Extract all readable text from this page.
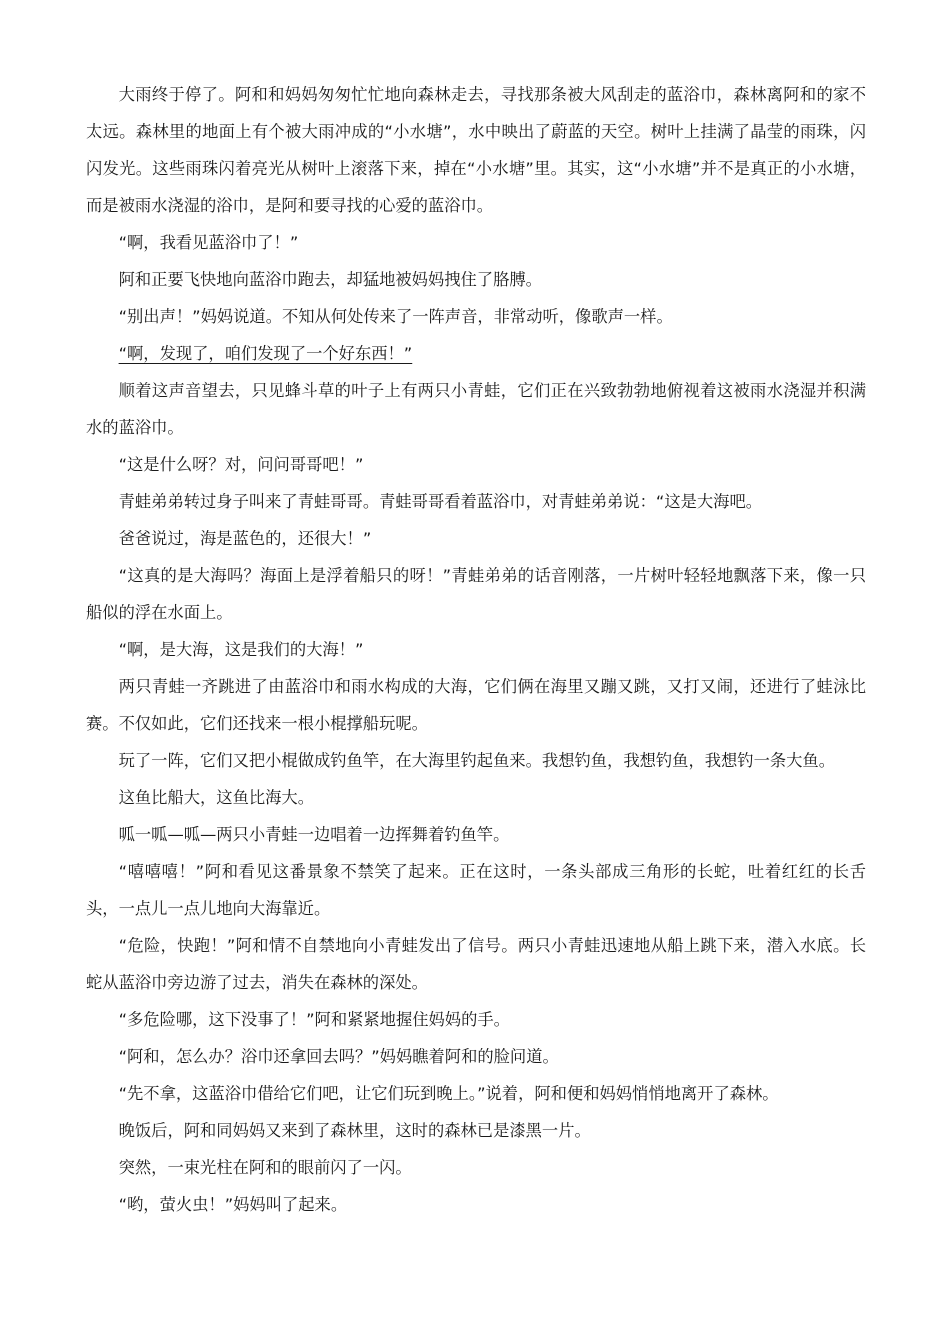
大雨终于停了。阿和和妈妈匆匆忙忙地向森林走去，寻找那条被大风刮走的蓝浴巾，森林离阿和的家不太远。森林里的地面上有个被大雨冲成的“小水塘”，水中映出了蔚蓝的天空。树叶上挂满了晶莹的雨珠，闪闪发光。这些雨珠闪着亮光从树叶上滚落下来，掉在“小水塘”里。其实，这“小水塘”并不是真正的小水塘，而是被雨水浇湿的浴巾，是阿和要寻找的心爱的蓝浴巾。

“啊，我看见蓝浴巾了！”

阿和正要飞快地向蓝浴巾跑去，却猛地被妈妈拽住了胳膊。

“别出声！”妈妈说道。不知从何处传来了一阵声音，非常动听，像歌声一样。

“啊，发现了，咱们发现了一个好东西！”

顺着这声音望去，只见蜂斗草的叶子上有两只小青蛙，它们正在兴致勃勃地俯视着这被雨水浇湿并积满水的蓝浴巾。

“这是什么呀？对，问问哥哥吧！”

青蛙弟弟转过身子叫来了青蛙哥哥。青蛙哥哥看着蓝浴巾，对青蛙弟弟说：“这是大海吧。

爸爸说过，海是蓝色的，还很大！”

“这真的是大海吗？海面上是浮着船只的呀！”青蛙弟弟的话音刚落，一片树叶轻轻地飘落下来，像一只船似的浮在水面上。

“啊，是大海，这是我们的大海！”

两只青蛙一齐跳进了由蓝浴巾和雨水构成的大海，它们俩在海里又蹦又跳，又打又闹，还进行了蛙泳比赛。不仅如此，它们还找来一根小棍撑船玩呢。

玩了一阵，它们又把小棍做成钓鱼竿，在大海里钓起鱼来。我想钓鱼，我想钓鱼，我想钓一条大鱼。

这鱼比船大，这鱼比海大。

呱一呱—呱—两只小青蛙一边唱着一边挥舞着钓鱼竿。

“嘻嘻嘻！”阿和看见这番景象不禁笑了起来。正在这时，一条头部成三角形的长蛇，吐着红红的长舌头，一点儿一点儿地向大海靠近。

“危险，快跑！”阿和情不自禁地向小青蛙发出了信号。两只小青蛙迅速地从船上跳下来，潜入水底。长蛇从蓝浴巾旁边游了过去，消失在森林的深处。

“多危险哪，这下没事了！”阿和紧紧地握住妈妈的手。

“阿和，怎么办？浴巾还拿回去吗？”妈妈瞧着阿和的脸问道。

“先不拿，这蓝浴巾借给它们吧，让它们玩到晚上。”说着，阿和便和妈妈悄悄地离开了森林。

晚饭后，阿和同妈妈又来到了森林里，这时的森林已是漆黑一片。

突然，一束光柱在阿和的眼前闪了一闪。

“哟，萤火虫！”妈妈叫了起来。
